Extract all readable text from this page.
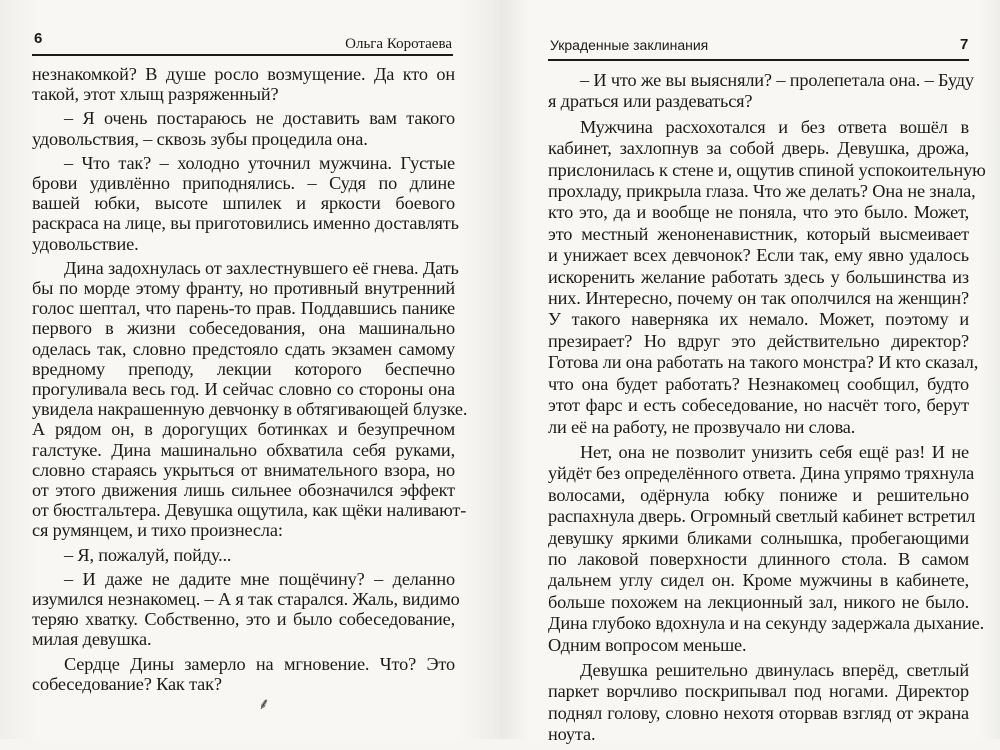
6	Ольга Коротаева
незнакомкой? В душе росло возмущение. Да кто он
такой, этот хлыщ разряженный?
– Я очень постараюсь не доставить вам такого
удовольствия, – сквозь зубы процедила она.
– Что так? – холодно уточнил мужчина. Густые
брови удивлённо приподнялись. – Судя по длине
вашей юбки, высоте шпилек и яркости боевого
раскраса на лице, вы приготовились именно доставлять
удовольствие.
Дина задохнулась от захлестнувшего её гнева. Дать
бы по морде этому франту, но противный внутренний
голос шептал, что парень-то прав. Поддавшись панике
первого в жизни собеседования, она машинально
оделась так, словно предстояло сдать экзамен самому
вредному преподу, лекции которого беспечно
прогуливала весь год. И сейчас словно со стороны она
увидела накрашенную девчонку в обтягивающей блузке.
А рядом он, в дорогущих ботинках и безупречном
галстуке. Дина машинально обхватила себя руками,
словно стараясь укрыться от внимательного взора, но
от этого движения лишь сильнее обозначился эффект
от бюстгальтера. Девушка ощутила, как щёки наливают-
ся румянцем, и тихо произнесла:
– Я, пожалуй, пойду...
– И даже не дадите мне пощёчину? – деланно
изумился незнакомец. – А я так старался. Жаль, видимо
теряю хватку. Собственно, это и было собеседование,
милая девушка.
Сердце Дины замерло на мгновение. Что? Это
собеседование? Как так?
⸙
Украденные заклинания	7
– И что же вы выясняли? – пролепетала она. – Буду
я драться или раздеваться?
Мужчина расхохотался и без ответа вошёл в
кабинет, захлопнув за собой дверь. Девушка, дрожа,
прислонилась к стене и, ощутив спиной успокоительную
прохладу, прикрыла глаза. Что же делать? Она не знала,
кто это, да и вообще не поняла, что это было. Может,
это местный женоненавистник, который высмеивает
и унижает всех девчонок? Если так, ему явно удалось
искоренить желание работать здесь у большинства из
них. Интересно, почему он так ополчился на женщин?
У такого наверняка их немало. Может, поэтому и
презирает? Но вдруг это действительно директор?
Готова ли она работать на такого монстра? И кто сказал,
что она будет работать? Незнакомец сообщил, будто
этот фарс и есть собеседование, но насчёт того, берут
ли её на работу, не прозвучало ни слова.
Нет, она не позволит унизить себя ещё раз! И не
уйдёт без определённого ответа. Дина упрямо тряхнула
волосами, одёрнула юбку пониже и решительно
распахнула дверь. Огромный светлый кабинет встретил
девушку яркими бликами солнышка, пробегающими
по лаковой поверхности длинного стола. В самом
дальнем углу сидел он. Кроме мужчины в кабинете,
больше похожем на лекционный зал, никого не было.
Дина глубоко вдохнула и на секунду задержала дыхание.
Одним вопросом меньше.
Девушка решительно двинулась вперёд, светлый
паркет ворчливо поскрипывал под ногами. Директор
поднял голову, словно нехотя оторвав взгляд от экрана
ноута.
